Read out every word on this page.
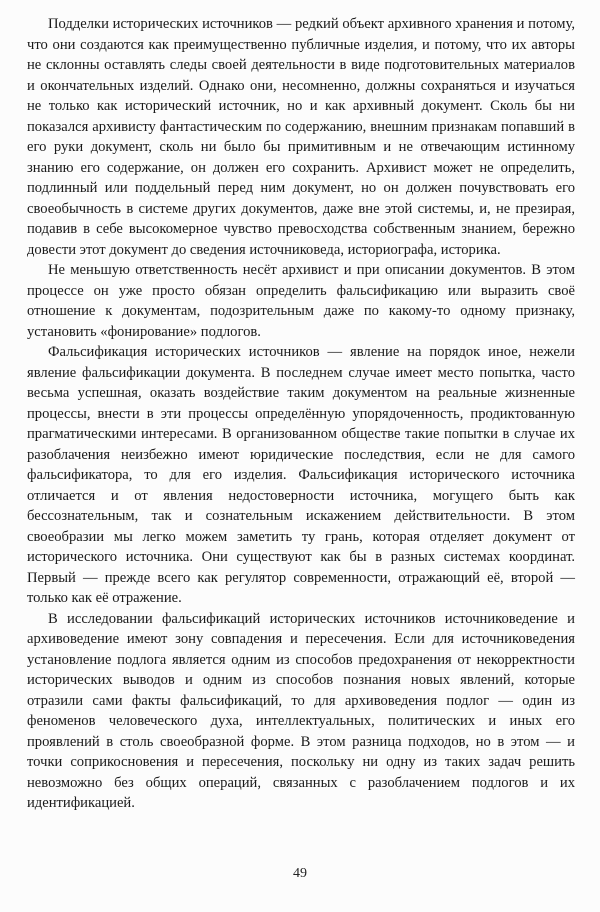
Подделки исторических источников — редкий объект архивного хранения и потому, что они создаются как преимущественно публичные изделия, и потому, что их авторы не склонны оставлять следы своей деятельности в виде подготовительных материалов и окончательных изделий. Однако они, несомненно, должны сохраняться и изучаться не только как исторический источник, но и как архивный документ. Сколь бы ни показался архивисту фантастическим по содержанию, внешним признакам попавший в его руки документ, сколь ни было бы примитивным и не отвечающим истинному знанию его содержание, он должен его сохранить. Архивист может не определить, подлинный или поддельный перед ним документ, но он должен почувствовать его своеобычность в системе других документов, даже вне этой системы, и, не презирая, подавив в себе высокомерное чувство превосходства собственным знанием, бережно довести этот документ до сведения источниковеда, историографа, историка.

Не меньшую ответственность несёт архивист и при описании документов. В этом процессе он уже просто обязан определить фальсификацию или выразить своё отношение к документам, подозрительным даже по какому-то одному признаку, установить «фонирование» подлогов.

Фальсификация исторических источников — явление на порядок иное, нежели явление фальсификации документа. В последнем случае имеет место попытка, часто весьма успешная, оказать воздействие таким документом на реальные жизненные процессы, внести в эти процессы определённую упорядоченность, продиктованную прагматическими интересами. В организованном обществе такие попытки в случае их разоблачения неизбежно имеют юридические последствия, если не для самого фальсификатора, то для его изделия. Фальсификация исторического источника отличается и от явления недостоверности источника, могущего быть как бессознательным, так и сознательным искажением действительности. В этом своеобразии мы легко можем заметить ту грань, которая отделяет документ от исторического источника. Они существуют как бы в разных системах координат. Первый — прежде всего как регулятор современности, отражающий её, второй — только как её отражение.

В исследовании фальсификаций исторических источников источниковедение и архивоведение имеют зону совпадения и пересечения. Если для источниковедения установление подлога является одним из способов предохранения от некорректности исторических выводов и одним из способов познания новых явлений, которые отразили сами факты фальсификаций, то для архивоведения подлог — один из феноменов человеческого духа, интеллектуальных, политических и иных его проявлений в столь своеобразной форме. В этом разница подходов, но в этом — и точки соприкосновения и пересечения, поскольку ни одну из таких задач решить невозможно без общих операций, связанных с разоблачением подлогов и их идентификацией.

49
